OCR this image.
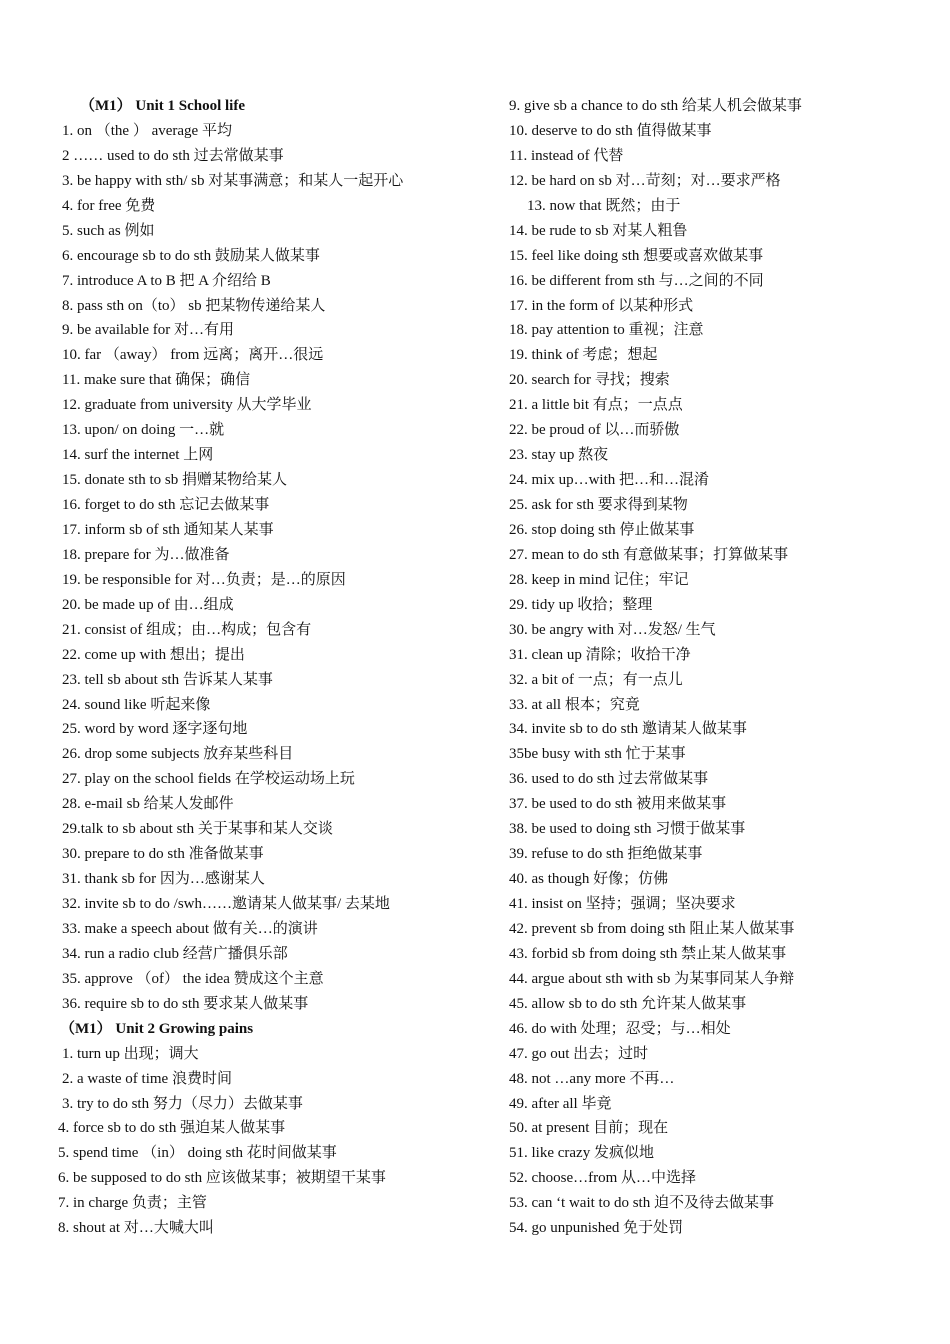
（M1） Unit 1 School life
1. on （the ） average 平均
2 …… used to do sth 过去常做某事
3. be happy with sth/ sb 对某事满意；和某人一起开心
4. for free 免费
5. such as 例如
6. encourage sb to do sth 鼓励某人做某事
7. introduce A to B 把 A 介绍给 B
8. pass sth on（to） sb 把某物传递给某人
9. be available for 对…有用
10. far （away） from 远离；离开…很远
11. make sure that 确保；确信
12. graduate from university 从大学毕业
13. upon/ on doing 一…就
14. surf the internet 上网
15. donate sth to sb 捐赠某物给某人
16. forget to do sth 忘记去做某事
17. inform sb of sth 通知某人某事
18. prepare for 为…做准备
19. be responsible for 对…负责；是…的原因
20. be made up of 由…组成
21. consist of 组成；由…构成；包含有
22. come up with 想出；提出
23. tell sb about sth 告诉某人某事
24. sound like 听起来像
25. word by word 逐字逐句地
26. drop some subjects 放弃某些科目
27. play on the school fields 在学校运动场上玩
28. e-mail sb 给某人发邮件
29.talk to sb about sth 关于某事和某人交谈
30. prepare to do sth 准备做某事
31. thank sb for 因为…感谢某人
32. invite sb to do /swh……邀请某人做某事/ 去某地
33. make a speech about 做有关…的演讲
34. run a radio club 经营广播俱乐部
35. approve （of） the idea 赞成这个主意
36. require sb to do sth 要求某人做某事
（M1） Unit 2 Growing pains
1. turn up 出现；调大
2. a waste of time 浪费时间
3. try to do sth 努力（尽力）去做某事
4. force sb to do sth 强迫某人做某事
5. spend time （in） doing sth 花时间做某事
6. be supposed to do sth 应该做某事；被期望干某事
7. in charge 负责；主管
8. shout at 对…大喊大叫
9. give sb a chance to do sth 给某人机会做某事
10. deserve to do sth 值得做某事
11. instead of 代替
12. be hard on sb 对…苛刻；对…要求严格
13. now that 既然；由于
14. be rude to sb 对某人粗鲁
15. feel like doing sth 想要或喜欢做某事
16. be different from sth 与…之间的不同
17. in the form of 以某种形式
18. pay attention to 重视；注意
19. think of 考虑；想起
20. search for 寻找；搜索
21. a little bit 有点；一点点
22. be proud of 以…而骄傲
23. stay up 熬夜
24. mix up…with 把…和…混淆
25. ask for sth 要求得到某物
26. stop doing sth 停止做某事
27. mean to do sth 有意做某事；打算做某事
28. keep in mind 记住；牢记
29. tidy up 收拾；整理
30. be angry with 对…发怒/ 生气
31. clean up 清除；收拾干净
32. a bit of 一点；有一点儿
33. at all 根本；究竟
34. invite sb to do sth 邀请某人做某事
35be busy with sth 忙于某事
36. used to do sth 过去常做某事
37. be used to do sth 被用来做某事
38. be used to doing sth 习惯于做某事
39. refuse to do sth 拒绝做某事
40. as though 好像；仿佛
41. insist on 坚持；强调；坚决要求
42. prevent sb from doing sth 阻止某人做某事
43. forbid sb from doing sth 禁止某人做某事
44. argue about sth with sb 为某事同某人争辩
45. allow sb to do sth 允许某人做某事
46. do with 处理；忍受；与…相处
47. go out 出去；过时
48. not …any more 不再…
49. after all 毕竟
50. at present 目前；现在
51. like crazy 发疯似地
52. choose…from 从…中选择
53. can ‘t wait to do sth 迫不及待去做某事
54. go unpunished 免于处罚
